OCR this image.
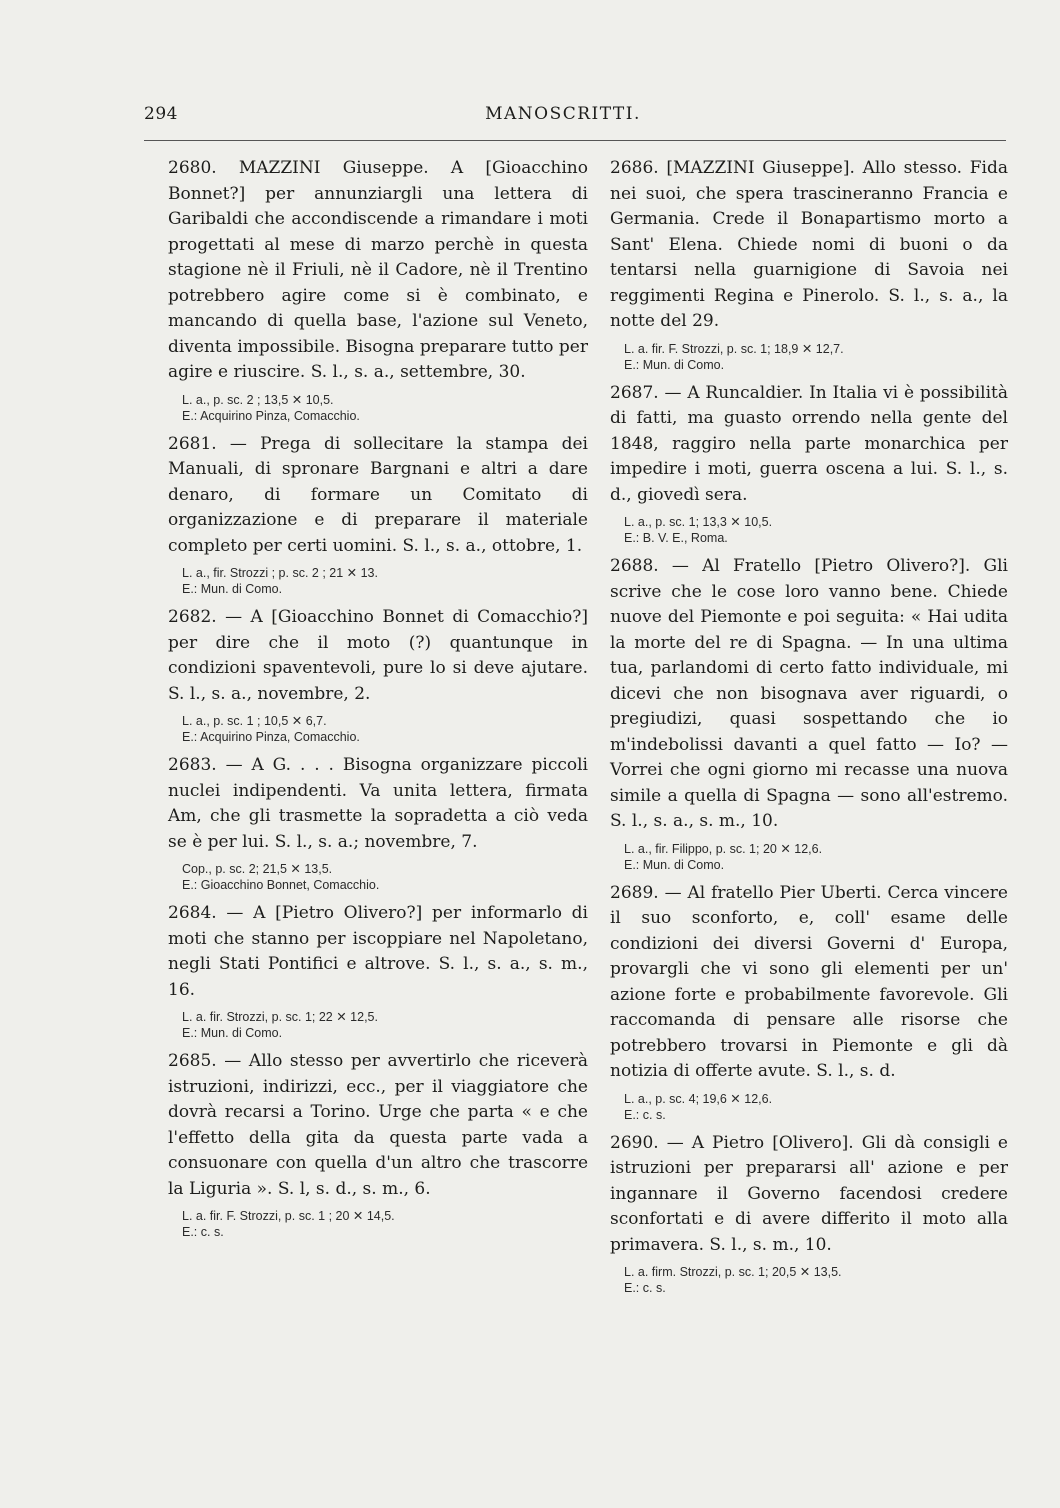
294	MANOSCRITTI.

2680. MAZZINI Giuseppe. A [Gioacchino Bonnet?] per annunziargli una lettera di Garibaldi che accondiscende a rimandare i moti progettati al mese di marzo perchè in questa stagione nè il Friuli, nè il Cadore, nè il Trentino potrebbero agire come si è combinato, e mancando di quella base, l'azione sul Veneto, diventa impossibile. Bisogna preparare tutto per agire e riuscire. S. l., s. a., settembre, 30.

L. a., p. sc. 2 ; 13,5 ✕ 10,5.
E.: Acquirino Pinza, Comacchio.

2681. — Prega di sollecitare la stampa dei Manuali, di spronare Bargnani e altri a dare denaro, di formare un Comitato di organizzazione e di preparare il materiale completo per certi uomini. S. l., s. a., ottobre, 1.

L. a., fir. Strozzi ; p. sc. 2 ; 21 ✕ 13.
E.: Mun. di Como.

2682. — A [Gioacchino Bonnet di Comacchio?] per dire che il moto (?) quantunque in condizioni spaventevoli, pure lo si deve ajutare. S. l., s. a., novembre, 2.

L. a., p. sc. 1 ; 10,5 ✕ 6,7.
E.: Acquirino Pinza, Comacchio.

2683. — A G. . . . Bisogna organizzare piccoli nuclei indipendenti. Va unita lettera, firmata Am, che gli trasmette la sopradetta a ciò veda se è per lui. S. l., s. a.; novembre, 7.

Cop., p. sc. 2; 21,5 ✕ 13,5.
E.: Gioacchino Bonnet, Comacchio.

2684. — A [Pietro Olivero?] per informarlo di moti che stanno per iscoppiare nel Napoletano, negli Stati Pontifici e altrove. S. l., s. a., s. m., 16.

L. a. fir. Strozzi, p. sc. 1; 22 ✕ 12,5.
E.: Mun. di Como.

2685. — Allo stesso per avvertirlo che riceverà istruzioni, indirizzi, ecc., per il viaggiatore che dovrà recarsi a Torino. Urge che parta « e che l'effetto della gita da questa parte vada a consuonare con quella d'un altro che trascorre la Liguria ». S. l, s. d., s. m., 6.

L. a. fir. F. Strozzi, p. sc. 1 ; 20 ✕ 14,5.
E.: c. s.

2686. [MAZZINI Giuseppe]. Allo stesso. Fida nei suoi, che spera trascineranno Francia e Germania. Crede il Bonapartismo morto a Sant' Elena. Chiede nomi di buoni o da tentarsi nella guarnigione di Savoia nei reggimenti Regina e Pinerolo. S. l., s. a., la notte del 29.

L. a. fir. F. Strozzi, p. sc. 1; 18,9 ✕ 12,7.
E.: Mun. di Como.

2687. — A Runcaldier. In Italia vi è possibilità di fatti, ma guasto orrendo nella gente del 1848, raggiro nella parte monarchica per impedire i moti, guerra oscena a lui. S. l., s. d., giovedì sera.

L. a., p. sc. 1; 13,3 ✕ 10,5.
E.: B. V. E., Roma.

2688. — Al Fratello [Pietro Olivero?]. Gli scrive che le cose loro vanno bene. Chiede nuove del Piemonte e poi seguita: « Hai udita la morte del re di Spagna. — In una ultima tua, parlandomi di certo fatto individuale, mi dicevi che non bisognava aver riguardi, o pregiudizi, quasi sospettando che io m'indebolissi davanti a quel fatto — Io? — Vorrei che ogni giorno mi recasse una nuova simile a quella di Spagna — sono all'estremo. S. l., s. a., s. m., 10.

L. a., fir. Filippo, p. sc. 1; 20 ✕ 12,6.
E.: Mun. di Como.

2689. — Al fratello Pier Uberti. Cerca vincere il suo sconforto, e, coll' esame delle condizioni dei diversi Governi d' Europa, provargli che vi sono gli elementi per un' azione forte e probabilmente favorevole. Gli raccomanda di pensare alle risorse che potrebbero trovarsi in Piemonte e gli dà notizia di offerte avute. S. l., s. d.

L. a., p. sc. 4; 19,6 ✕ 12,6.
E.: c. s.

2690. — A Pietro [Olivero]. Gli dà consigli e istruzioni per prepararsi all' azione e per ingannare il Governo facendosi credere sconfortati e di avere differito il moto alla primavera. S. l., s. m., 10.

L. a. firm. Strozzi, p. sc. 1; 20,5 ✕ 13,5.
E.: c. s.
